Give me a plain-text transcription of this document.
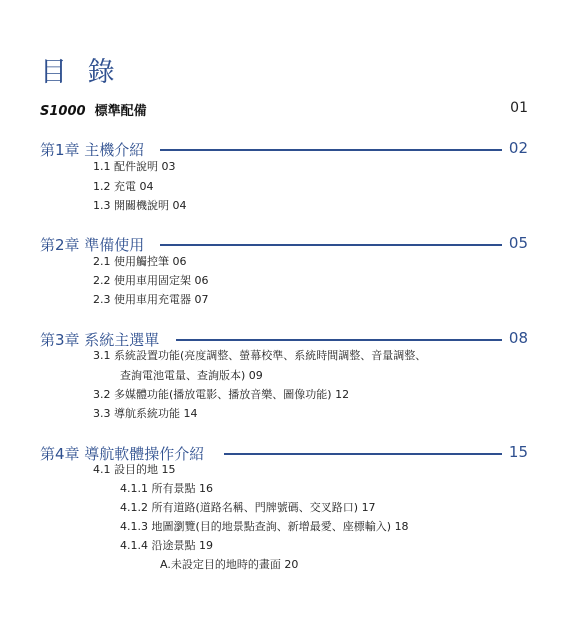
目 錄
S1000 標準配備	01
第1章 主機介紹	02
1.1 配件說明 03
1.2 充電 04
1.3 開關機說明 04
第2章 準備使用	05
2.1 使用觸控筆 06
2.2 使用車用固定架 06
2.3 使用車用充電器 07
第3章 系統主選單	08
3.1 系統設置功能(亮度調整、螢幕校準、系統時間調整、音量調整、
查詢電池電量、查詢版本) 09
3.2 多媒體功能(播放電影、播放音樂、圖像功能) 12
3.3 導航系統功能 14
第4章 導航軟體操作介紹	15
4.1 設目的地 15
4.1.1 所有景點 16
4.1.2 所有道路(道路名稱、門牌號碼、交叉路口) 17
4.1.3 地圖瀏覽(目的地景點查詢、新增最愛、座標輸入) 18
4.1.4 沿途景點 19
A.未設定目的地時的畫面 20
